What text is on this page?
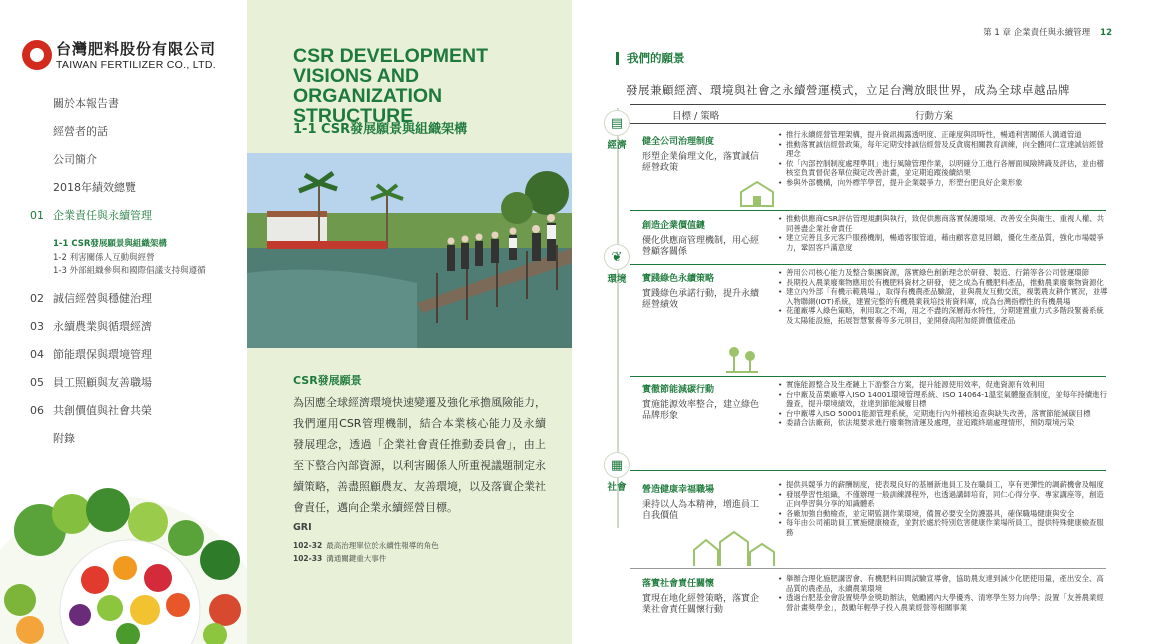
台灣肥料股份有限公司
TAIWAN FERTILIZER CO., LTD.
關於本報告書
經營者的話
公司簡介
2018年績效總覽
01 企業責任與永續管理
1-1 CSR發展願景與組織架構
1-2 利害關係人互動與經營
1-3 外部組織參與和國際倡議支持與遵循
02 誠信經營與穩健治理
03 永續農業與循環經濟
04 節能環保與環境管理
05 員工照顧與友善職場
06 共創價值與社會共榮
附錄
CSR DEVELOPMENT VISIONS AND ORGANIZATION STRUCTURE
1-1 CSR發展願景與組織架構
CSR發展願景

為因應全球經濟環境快速變遷及強化承擔風險能力，我們運用CSR管理機制，結合本業核心能力及永續發展理念，透過「企業社會責任推動委員會」，由上至下整合內部資源，以利害關係人所重視議題制定永續策略，善盡照顧農友、友善環境，以及落實企業社會責任，邁向企業永續經營目標。

GRI
102-32 最高治理單位於永續性報導的角色
102-33 溝通關鍵重大事件
第 1 章 企業責任與永續管理 12
我們的願景
發展兼顧經濟、環境與社會之永續營運模式，立足台灣放眼世界，成為全球卓越品牌
目標 / 策略	行動方案
▤
經濟
❦
環境
▦
社會
健全公司治理制度
形塑企業倫理文化，落實誠信經營政策
• 推行永續經營管理架構，提升資訊揭露透明度、正確度與即時性，暢通利害關係人溝通管道
• 推動落實誠信經營政策，每年定期安排誠信經營及反貪腐相關教育訓練，向全體同仁宣達誠信經營理念
• 依「內部控制制度處理準則」進行風險管理作業，以明確分工進行各層面風險辨識及評估，並由稽核室負責督促各單位擬定改善計畫，並定期追蹤後續結果
• 參與外部機構，向外標竿學習，提升企業競爭力，形塑台肥良好企業形象
創造企業價值鏈
優化供應商管理機制，用心經營顧客關係
• 推動供應商CSR評估管理規劃與執行，致促供應商落實保護環境、改善安全與衛生、重視人權、共同善盡企業社會責任
• 建立完善且多元客戶服務機制，暢通客服管道，藉由顧客意見回饋，優化生產品質，強化市場競爭力，鞏固客戶滿意度
實踐綠色永續策略
實踐綠色承諾行動，提升永續經營績效
• 善用公司核心能力及整合集團資源，落實綠色創新理念於研發、製造、行銷等各公司營運環節
• 長期投入農業廢棄物應用於有機肥料資材之研發，使之成為有機肥料產品，推動農業廢棄物資源化
• 建立內外部「有機示範農場」，取得有機農產品驗證，並與農友互動交流，複製農友耕作實況，並導入物聯網(IOT)系統，建置完整的有機農業栽培技術資料庫，成為台灣指標性的有機農場
• 花蓮廠導入綠色策略，利用取之不竭，用之不盡的深層海水特性，分期建置重力式多階段緊養系統及太陽能設施，拓展智慧緊養等多元項目，並開發高附加經濟價值產品
實徹節能減碳行動
實施能源效率整合，建立綠色品牌形象
• 實施能源整合及生產鏈上下游整合方案，提升能源使用效率，促進資源有效利用
• 台中廠及苗栗廠導入ISO 14001環境管理系統、ISO 14064-1溫室氣體盤查制度，並每年持續進行盤查，提升環境績效，並達到節能減廢目標
• 台中廠導入ISO 50001能源管理系統，定期進行內外稽核追查與缺失改善，落實節能減碳目標
• 委請合法廠商，依法規要求進行廢棄物清運及處理，並追蹤終端處理情形，預防環境污染
營造健康幸福職場
秉持以人為本精神，增進員工自我價值
• 提供具競爭力的薪酬制度，使表現良好的基層新進員工及在職員工，享有更彈性的調薪機會及幅度
• 發展學習性組織，不僅辦理一般訓練課程外，也透過講師培育，同仁心得分享、專家講座等，創造正向學習與分享的知識體系
• 各廠加強自動檢查，並定期監測作業環境，備置必要安全防護器具，確保職場健康與安全
• 每年由公司補助員工實施健康檢查，並對於處於特別危害健康作業場所員工，提供特殊健康檢查服務
落實社會責任關懷
實現在地化經營策略，落實企業社會責任關懷行動
• 舉辦合理化施肥講習會、有機肥料田間試驗宣導會，協助農友達到減少化肥使用量，產出安全、高品質的農產品，永續農業環境
• 透過台肥基金會設置獎學金獎助辦法，勉勵國內大學優秀、清寒學生努力向學；設置「友善農業經營計畫獎學金」，鼓勵年輕學子投入農業經營等相關事業
